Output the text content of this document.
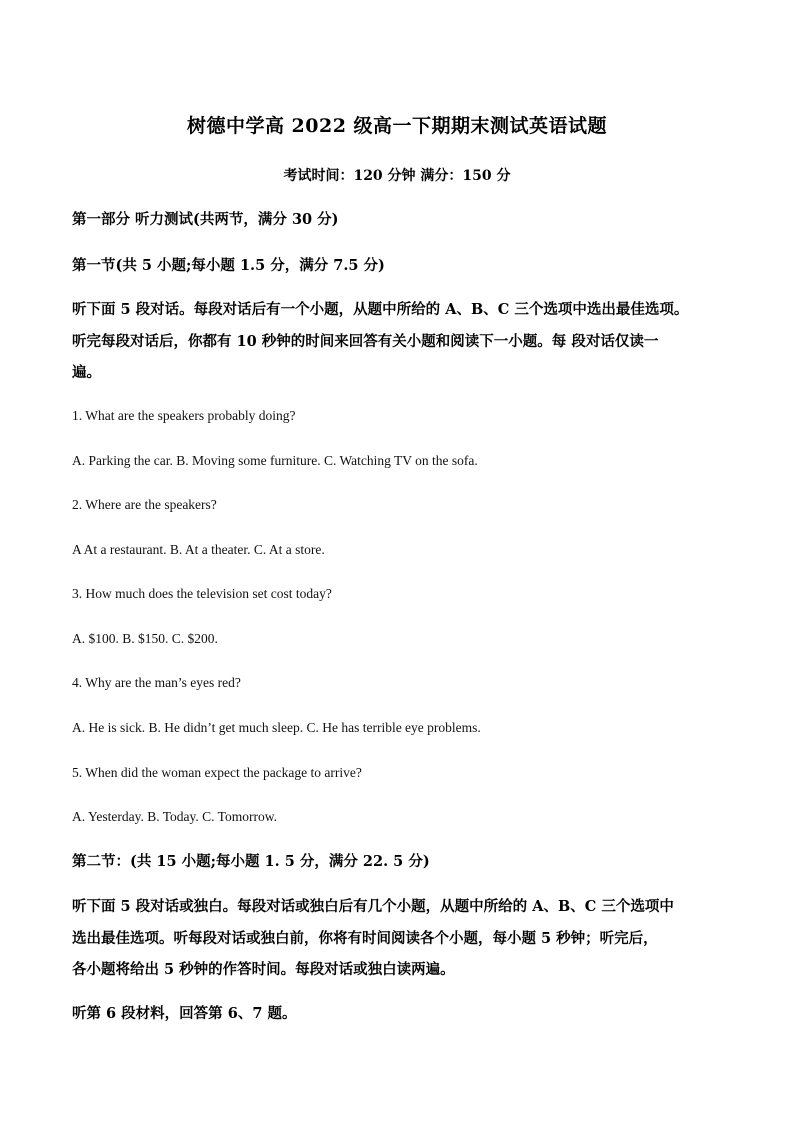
树德中学高 2022 级高一下期期末测试英语试题
考试时间：120 分钟 满分：150 分
第一部分 听力测试(共两节，满分 30 分)
第一节(共 5 小题;每小题 1.5 分，满分 7.5 分)
听下面 5 段对话。每段对话后有一个小题，从题中所给的 A、B、C 三个选项中选出最佳选项。
听完每段对话后，你都有 10 秒钟的时间来回答有关小题和阅读下一小题。每 段对话仅读一
遍。
1. What are the speakers probably doing?
A. Parking the car. B. Moving some furniture. C. Watching TV on the sofa.
2. Where are the speakers?
A At a restaurant. B. At a theater. C. At a store.
3. How much does the television set cost today?
A. $100. B. $150. C. $200.
4. Why are the man’s eyes red?
A. He is sick. B. He didn’t get much sleep. C. He has terrible eye problems.
5. When did the woman expect the package to arrive?
A. Yesterday. B. Today. C. Tomorrow.
第二节：(共 15 小题;每小题 1. 5 分，满分 22. 5 分)
听下面 5 段对话或独白。每段对话或独白后有几个小题，从题中所给的 A、B、C 三个选项中
选出最佳选项。听每段对话或独白前，你将有时间阅读各个小题，每小题 5 秒钟；听完后，
各小题将给出 5 秒钟的作答时间。每段对话或独白读两遍。
听第 6 段材料，回答第 6、7 题。
